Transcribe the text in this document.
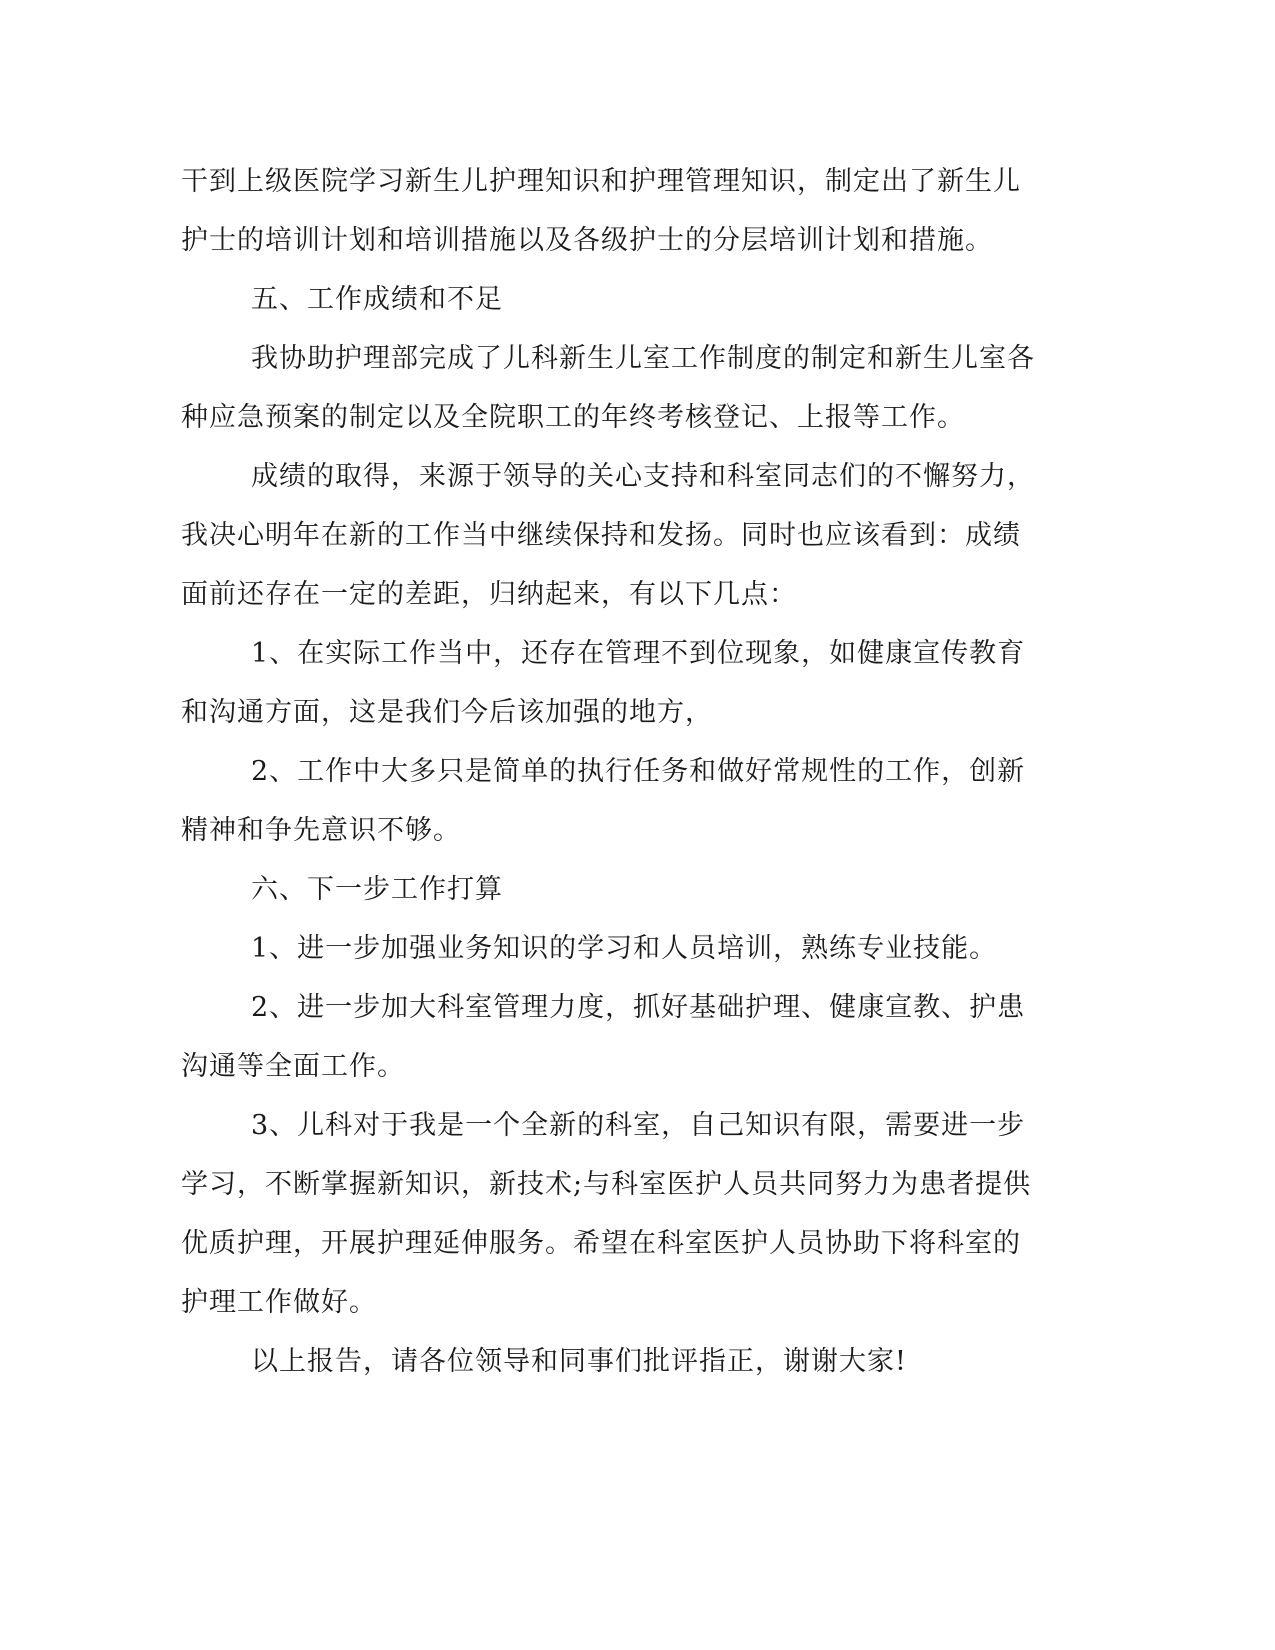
干到上级医院学习新生儿护理知识和护理管理知识，制定出了新生儿
护士的培训计划和培训措施以及各级护士的分层培训计划和措施。
五、工作成绩和不足
我协助护理部完成了儿科新生儿室工作制度的制定和新生儿室各
种应急预案的制定以及全院职工的年终考核登记、上报等工作。
成绩的取得，来源于领导的关心支持和科室同志们的不懈努力，
我决心明年在新的工作当中继续保持和发扬。同时也应该看到：成绩
面前还存在一定的差距，归纳起来，有以下几点：
1、在实际工作当中，还存在管理不到位现象，如健康宣传教育
和沟通方面，这是我们今后该加强的地方，
2、工作中大多只是简单的执行任务和做好常规性的工作，创新
精神和争先意识不够。
六、下一步工作打算
1、进一步加强业务知识的学习和人员培训，熟练专业技能。
2、进一步加大科室管理力度，抓好基础护理、健康宣教、护患
沟通等全面工作。
3、儿科对于我是一个全新的科室，自己知识有限，需要进一步
学习，不断掌握新知识，新技术;与科室医护人员共同努力为患者提供
优质护理，开展护理延伸服务。希望在科室医护人员协助下将科室的
护理工作做好。
以上报告，请各位领导和同事们批评指正，谢谢大家!
